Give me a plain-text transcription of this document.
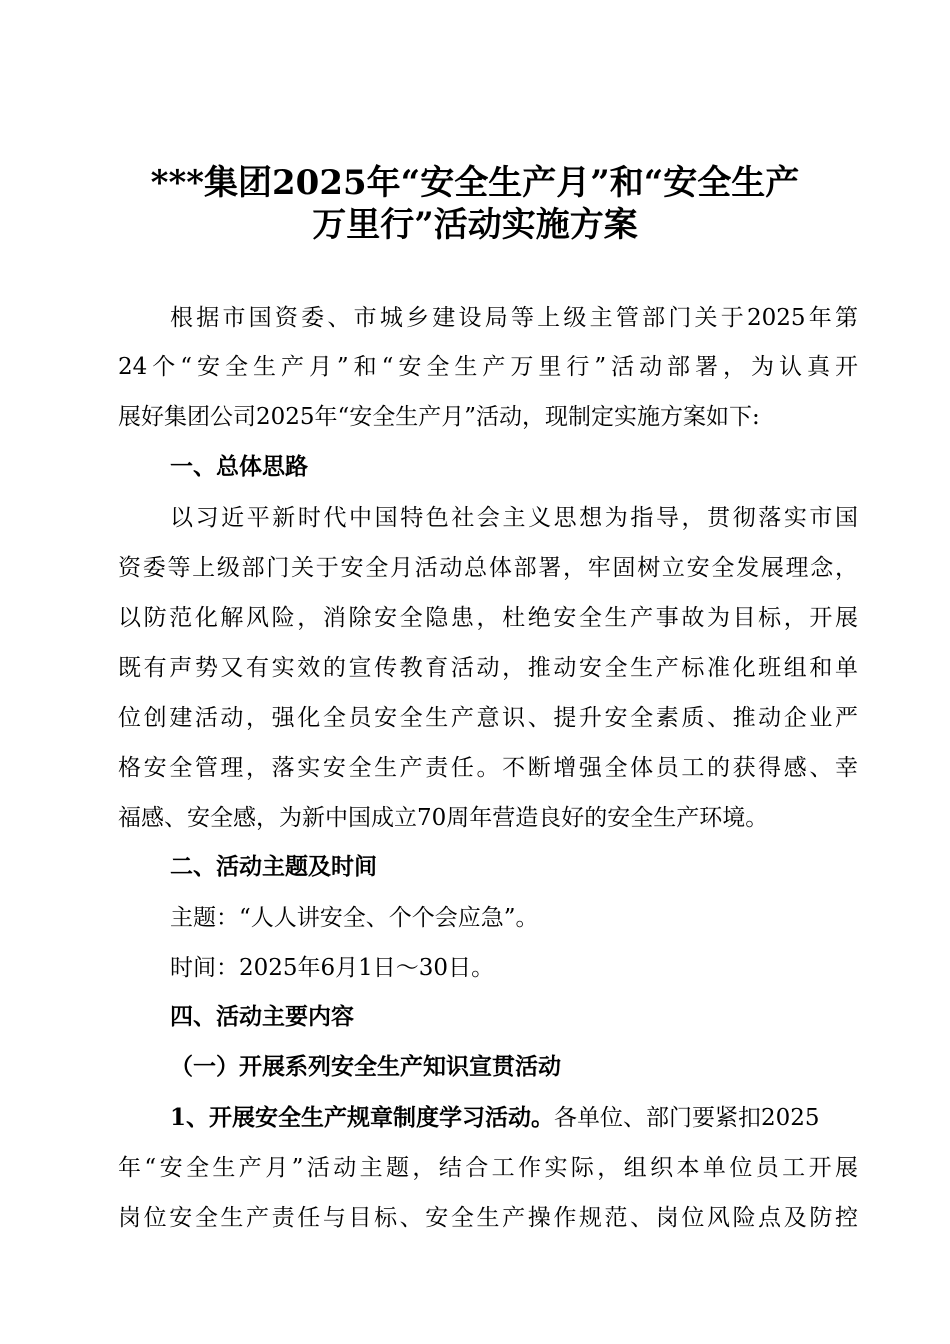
***集团2025年“安全生产月”和“安全生产
万里行”活动实施方案
根据市国资委、市城乡建设局等上级主管部门关于2025年第
24个“安全生产月”和“安全生产万里行”活动部署，为认真开
展好集团公司2025年“安全生产月”活动，现制定实施方案如下:
一、总体思路
以习近平新时代中国特色社会主义思想为指导，贯彻落实市国
资委等上级部门关于安全月活动总体部署，牢固树立安全发展理念，
以防范化解风险，消除安全隐患，杜绝安全生产事故为目标，开展
既有声势又有实效的宣传教育活动，推动安全生产标准化班组和单
位创建活动，强化全员安全生产意识、提升安全素质、推动企业严
格安全管理，落实安全生产责任。不断增强全体员工的获得感、幸
福感、安全感，为新中国成立70周年营造良好的安全生产环境。
二、活动主题及时间
主题：“人人讲安全、个个会应急”。
时间：2025年6月1日～30日。
四、活动主要内容
（一）开展系列安全生产知识宣贯活动
1、开展安全生产规章制度学习活动。各单位、部门要紧扣2025
年“安全生产月”活动主题，结合工作实际，组织本单位员工开展
岗位安全生产责任与目标、安全生产操作规范、岗位风险点及防控
